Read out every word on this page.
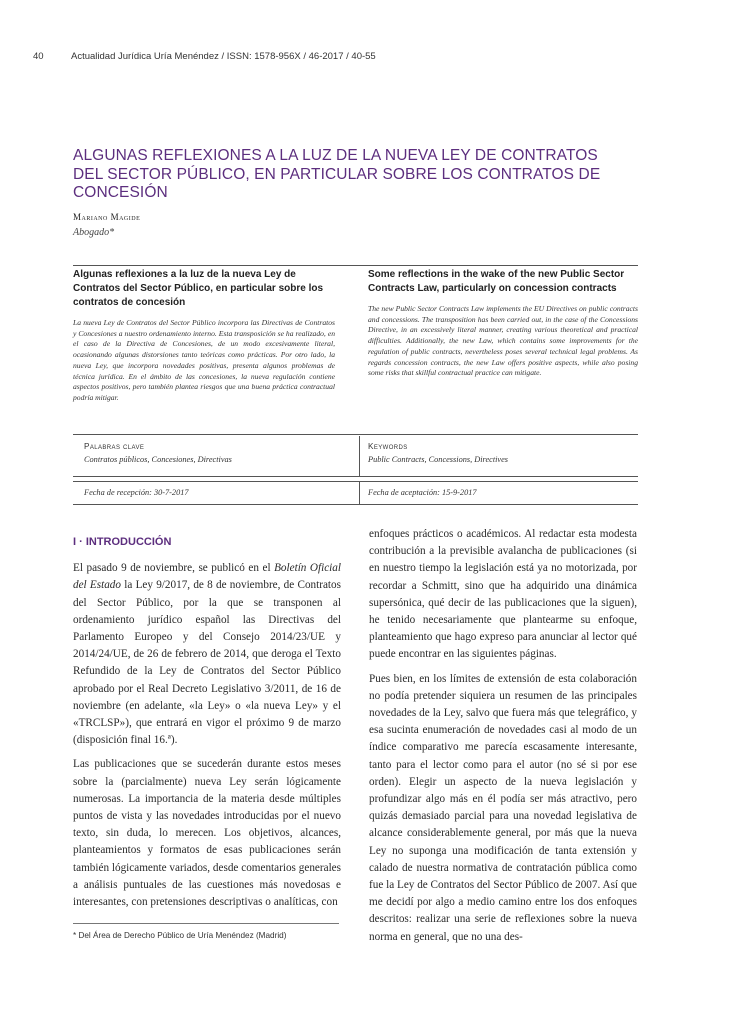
40	Actualidad Jurídica Uría Menéndez / ISSN: 1578-956X / 46-2017 / 40-55
ALGUNAS REFLEXIONES A LA LUZ DE LA NUEVA LEY DE CONTRATOS DEL SECTOR PÚBLICO, EN PARTICULAR SOBRE LOS CONTRATOS DE CONCESIÓN
Mariano Magide
Abogado*
Algunas reflexiones a la luz de la nueva Ley de Contratos del Sector Público, en particular sobre los contratos de concesión
La nueva Ley de Contratos del Sector Público incorpora las Directivas de Contratos y Concesiones a nuestro ordenamiento interno. Esta transposición se ha realizado, en el caso de la Directiva de Concesiones, de un modo excesivamente literal, ocasionando algunas distorsiones tanto teóricas como prácticas. Por otro lado, la nueva Ley, que incorpora novedades positivas, presenta algunos problemas de técnica jurídica. En el ámbito de las concesiones, la nueva regulación contiene aspectos positivos, pero también plantea riesgos que una buena práctica contractual podría mitigar.
Some reflections in the wake of the new Public Sector Contracts Law, particularly on concession contracts
The new Public Sector Contracts Law implements the EU Directives on public contracts and concessions. The transposition has been carried out, in the case of the Concessions Directive, in an excessively literal manner, creating various theoretical and practical difficulties. Additionally, the new Law, which contains some improvements for the regulation of public contracts, nevertheless poses several technical legal problems. As regards concession contracts, the new Law offers positive aspects, while also posing some risks that skillful contractual practice can mitigate.
Palabras clave
Contratos públicos, Concesiones, Directivas
Keywords
Public Contracts, Concessions, Directives
Fecha de recepción: 30-7-2017	Fecha de aceptación: 15-9-2017
I · INTRODUCCIÓN

El pasado 9 de noviembre, se publicó en el Boletín Oficial del Estado la Ley 9/2017, de 8 de noviembre, de Contratos del Sector Público, por la que se transponen al ordenamiento jurídico español las Directivas del Parlamento Europeo y del Consejo 2014/23/UE y 2014/24/UE, de 26 de febrero de 2014, que deroga el Texto Refundido de la Ley de Contratos del Sector Público aprobado por el Real Decreto Legislativo 3/2011, de 16 de noviembre (en adelante, «la Ley» o «la nueva Ley» y el «TRCLSP»), que entrará en vigor el próximo 9 de marzo (disposición final 16.ª).

Las publicaciones que se sucederán durante estos meses sobre la (parcialmente) nueva Ley serán lógicamente numerosas. La importancia de la materia desde múltiples puntos de vista y las novedades introducidas por el nuevo texto, sin duda, lo merecen. Los objetivos, alcances, planteamientos y formatos de esas publicaciones serán también lógicamente variados, desde comentarios generales a análisis puntuales de las cuestiones más novedosas e interesantes, con pretensiones descriptivas o analíticas, con

enfoques prácticos o académicos. Al redactar esta modesta contribución a la previsible avalancha de publicaciones (si en nuestro tiempo la legislación está ya no motorizada, por recordar a Schmitt, sino que ha adquirido una dinámica supersónica, qué decir de las publicaciones que la siguen), he tenido necesariamente que plantearme su enfoque, planteamiento que hago expreso para anunciar al lector qué puede encontrar en las siguientes páginas.

Pues bien, en los límites de extensión de esta colaboración no podía pretender siquiera un resumen de las principales novedades de la Ley, salvo que fuera más que telegráfico, y esa sucinta enumeración de novedades casi al modo de un índice comparativo me parecía escasamente interesante, tanto para el lector como para el autor (no sé si por ese orden). Elegir un aspecto de la nueva legislación y profundizar algo más en él podía ser más atractivo, pero quizás demasiado parcial para una novedad legislativa de alcance considerablemente general, por más que la nueva Ley no suponga una modificación de tanta extensión y calado de nuestra normativa de contratación pública como fue la Ley de Contratos del Sector Público de 2007. Así que me decidí por algo a medio camino entre los dos enfoques descritos: realizar una serie de reflexiones sobre la nueva norma en general, que no una des-

* Del Área de Derecho Público de Uría Menéndez (Madrid)
